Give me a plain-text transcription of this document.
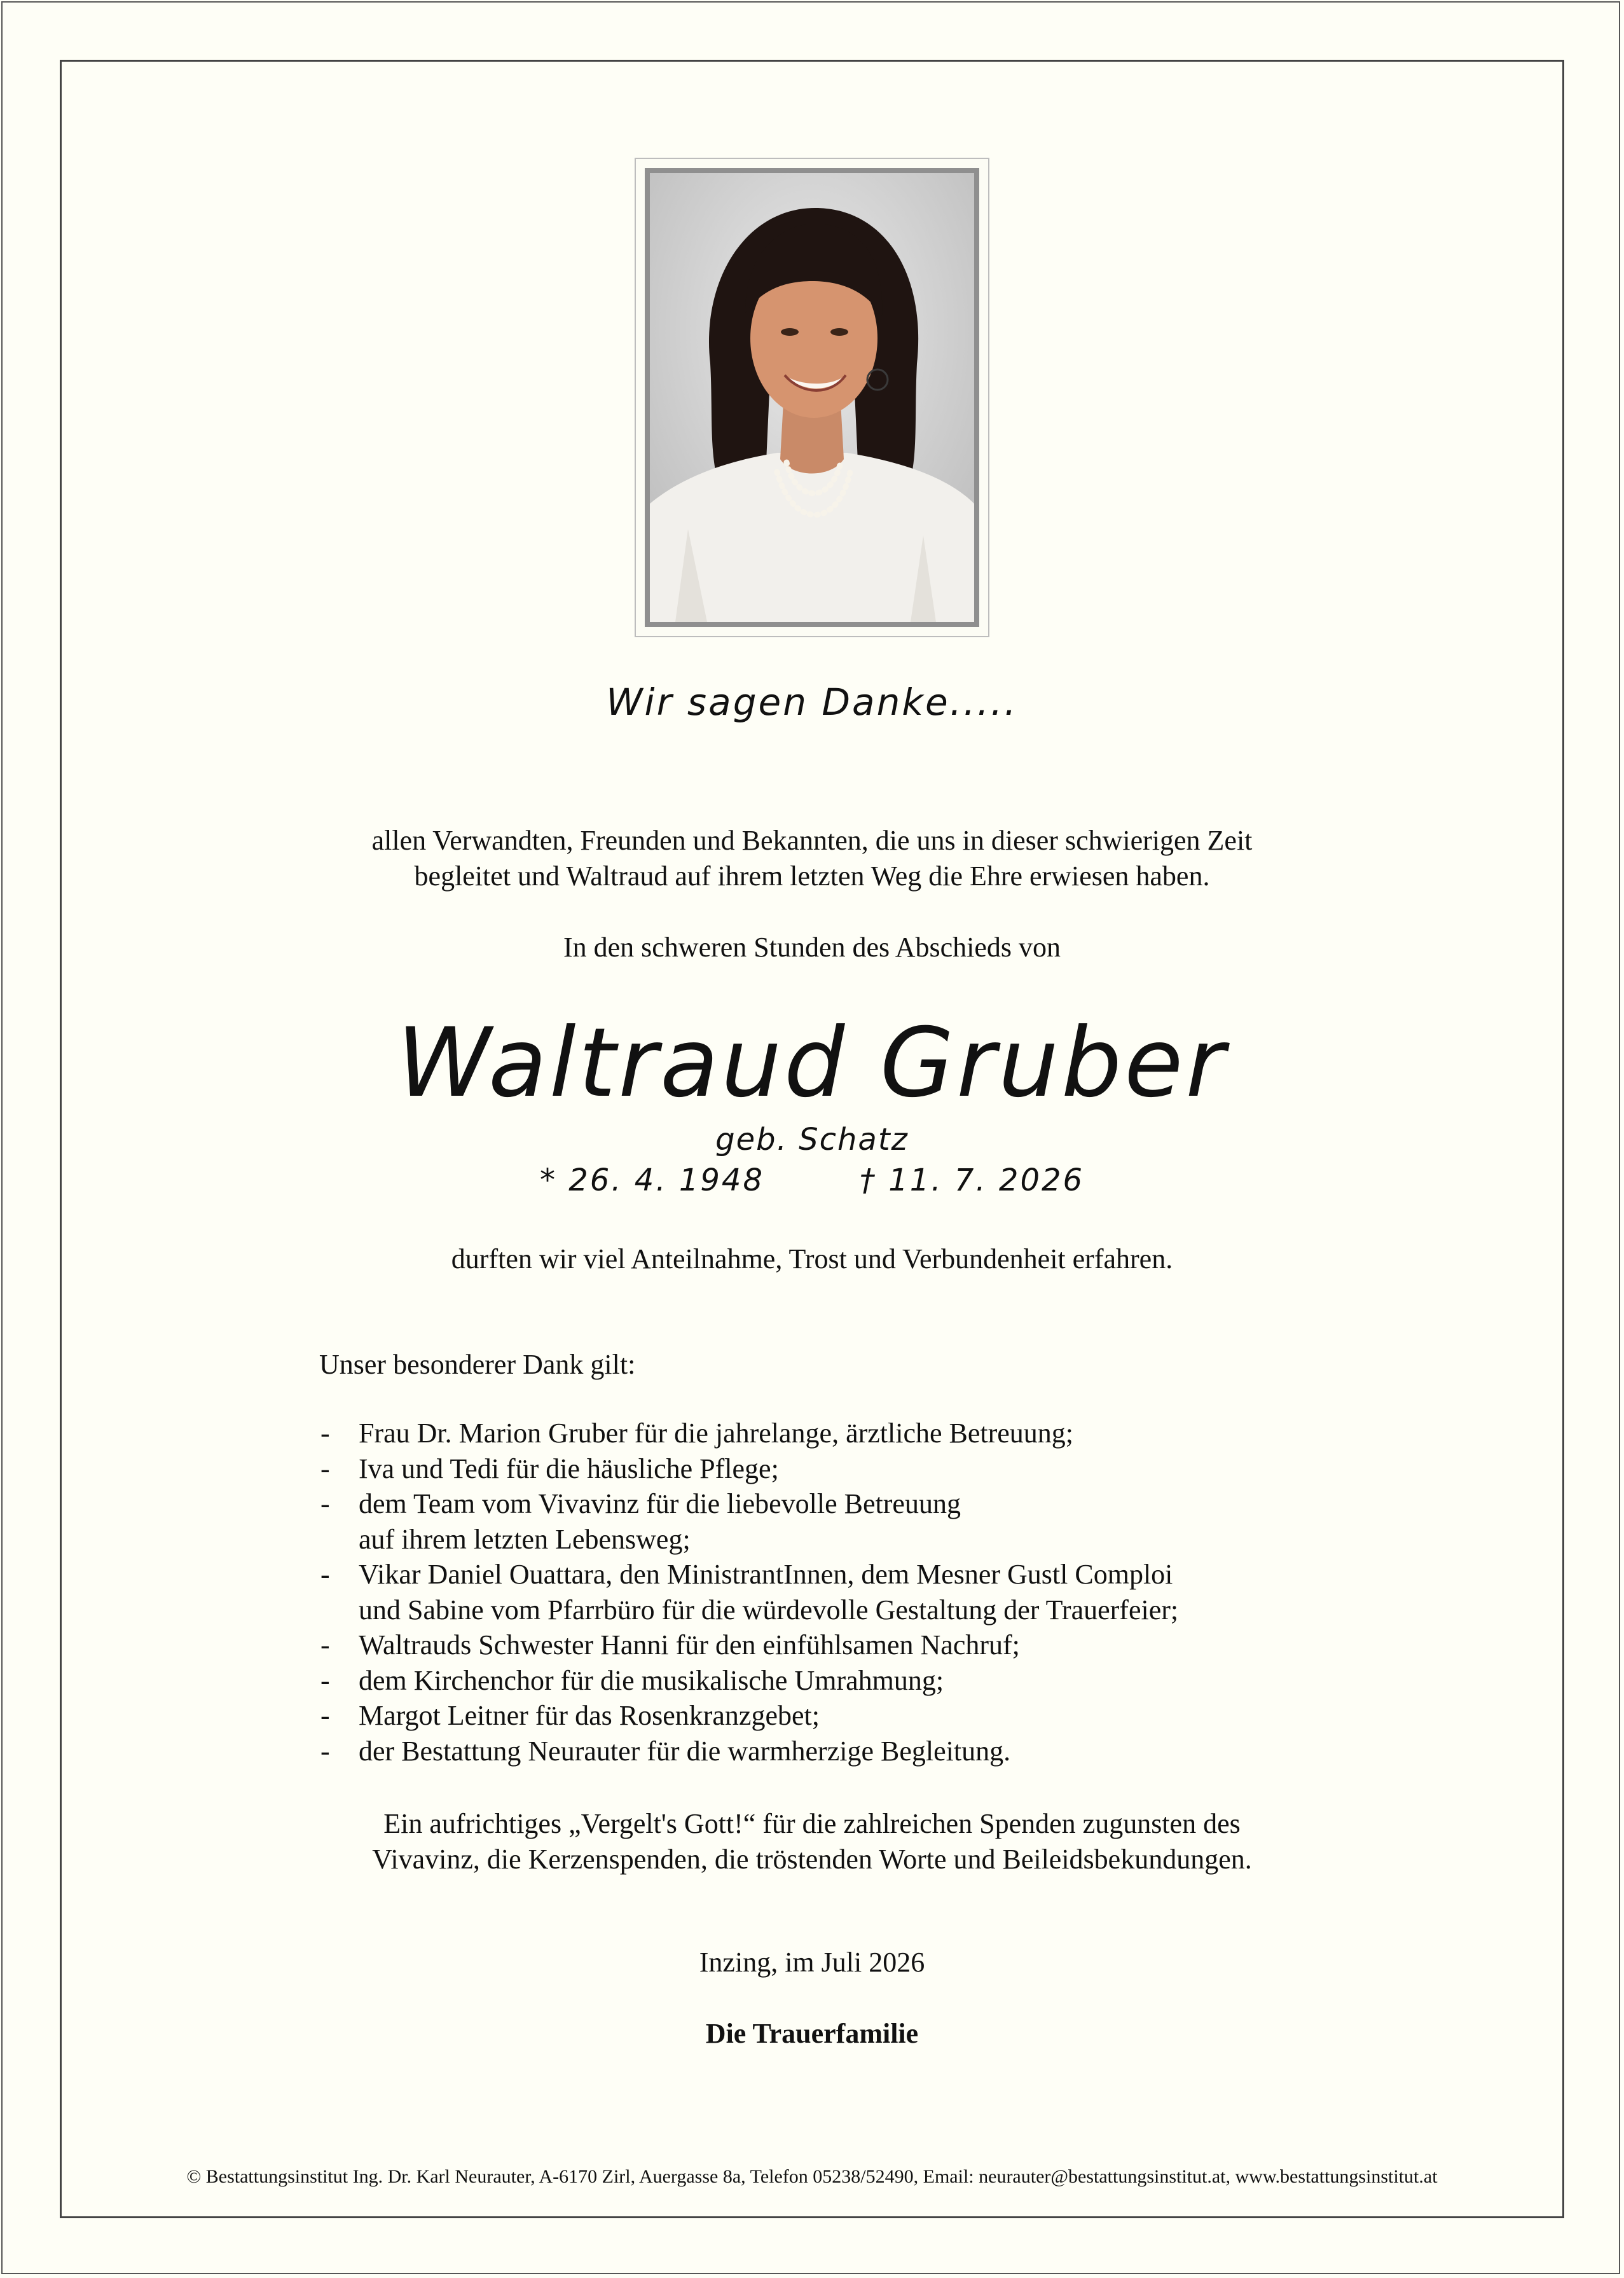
Wir sagen Danke.....

allen Verwandten, Freunden und Bekannten, die uns in dieser schwierigen Zeit

begleitet und Waltraud auf ihrem letzten Weg die Ehre erwiesen haben.

In den schweren Stunden des Abschieds von

Waltraud Gruber

geb. Schatz

* 26. 4. 1948	† 11. 7. 2026

durften wir viel Anteilnahme, Trost und Verbundenheit erfahren.

Unser besonderer Dank gilt:

- Frau Dr. Marion Gruber für die jahrelange, ärztliche Betreuung;
- Iva und Tedi für die häusliche Pflege;
- dem Team vom Vivavinz für die liebevolle Betreuung
auf ihrem letzten Lebensweg;
- Vikar Daniel Ouattara, den MinistrantInnen, dem Mesner Gustl Comploi
und Sabine vom Pfarrbüro für die würdevolle Gestaltung der Trauerfeier;
- Waltrauds Schwester Hanni für den einfühlsamen Nachruf;
- dem Kirchenchor für die musikalische Umrahmung;
- Margot Leitner für das Rosenkranzgebet;
- der Bestattung Neurauter für die warmherzige Begleitung.

Ein aufrichtiges „Vergelt's Gott!“ für die zahlreichen Spenden zugunsten des

Vivavinz, die Kerzenspenden, die tröstenden Worte und Beileidsbekundungen.

Inzing, im Juli 2026

Die Trauerfamilie

© Bestattungsinstitut Ing. Dr. Karl Neurauter, A-6170 Zirl, Auergasse 8a, Telefon 05238/52490, Email: neurauter@bestattungsinstitut.at, www.bestattungsinstitut.at
